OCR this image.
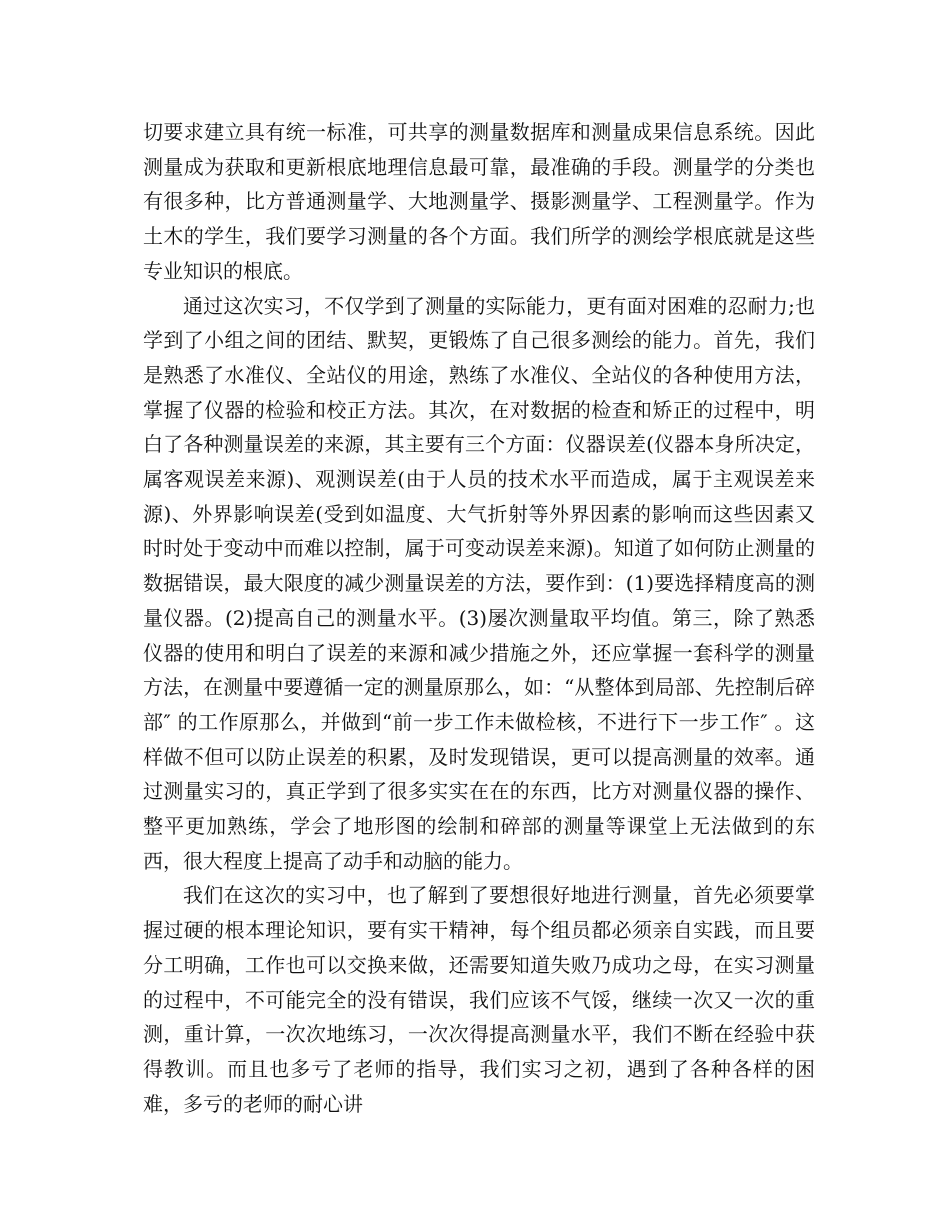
切要求建立具有统一标准，可共享的测量数据库和测量成果信息系统。因此测量成为获取和更新根底地理信息最可靠，最准确的手段。测量学的分类也有很多种，比方普通测量学、大地测量学、摄影测量学、工程测量学。作为土木的学生，我们要学习测量的各个方面。我们所学的测绘学根底就是这些专业知识的根底。

通过这次实习，不仅学到了测量的实际能力，更有面对困难的忍耐力;也学到了小组之间的团结、默契，更锻炼了自己很多测绘的能力。首先，我们是熟悉了水准仪、全站仪的用途，熟练了水准仪、全站仪的各种使用方法，掌握了仪器的检验和校正方法。其次，在对数据的检查和矫正的过程中，明白了各种测量误差的来源，其主要有三个方面：仪器误差(仪器本身所决定，属客观误差来源)、观测误差(由于人员的技术水平而造成，属于主观误差来源)、外界影响误差(受到如温度、大气折射等外界因素的影响而这些因素又时时处于变动中而难以控制，属于可变动误差来源)。知道了如何防止测量的数据错误，最大限度的减少测量误差的方法，要作到：(1)要选择精度高的测量仪器。(2)提高自己的测量水平。(3)屡次测量取平均值。第三，除了熟悉仪器的使用和明白了误差的来源和减少措施之外，还应掌握一套科学的测量方法，在测量中要遵循一定的测量原那么，如：“从整体到局部、先控制后碎部″ 的工作原那么，并做到“前一步工作未做检核，不进行下一步工作″ 。这样做不但可以防止误差的积累，及时发现错误，更可以提高测量的效率。通过测量实习的，真正学到了很多实实在在的东西，比方对测量仪器的操作、整平更加熟练，学会了地形图的绘制和碎部的测量等课堂上无法做到的东西，很大程度上提高了动手和动脑的能力。

我们在这次的实习中，也了解到了要想很好地进行测量，首先必须要掌握过硬的根本理论知识，要有实干精神，每个组员都必须亲自实践，而且要分工明确，工作也可以交换来做，还需要知道失败乃成功之母，在实习测量的过程中，不可能完全的没有错误，我们应该不气馁，继续一次又一次的重测，重计算，一次次地练习，一次次得提高测量水平，我们不断在经验中获得教训。而且也多亏了老师的指导，我们实习之初，遇到了各种各样的困难，多亏的老师的耐心讲
